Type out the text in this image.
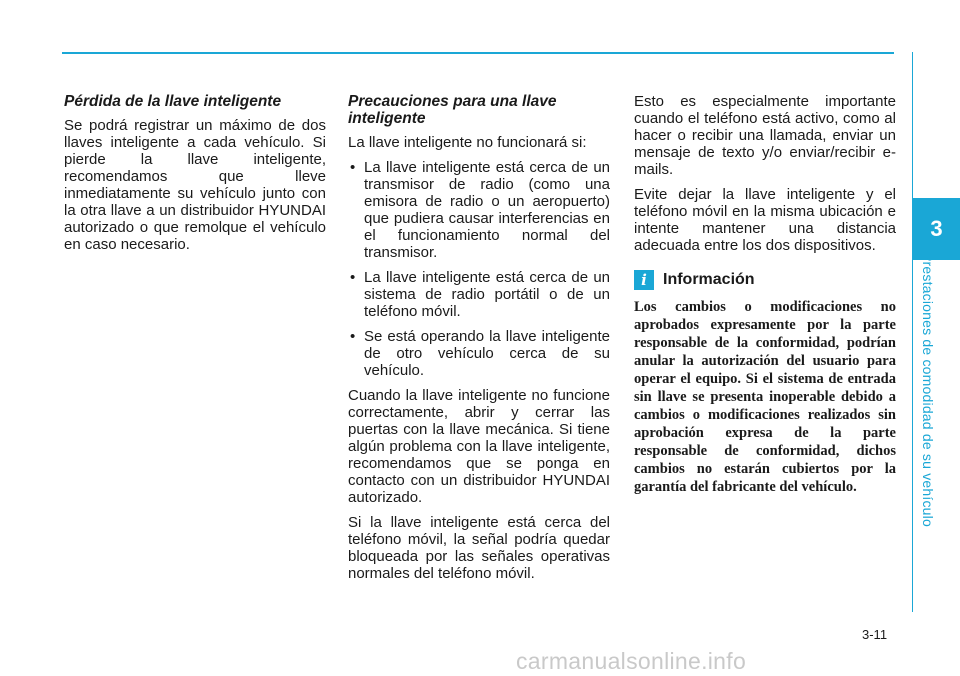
3
Prestaciones de comodidad de su vehículo
Pérdida de la llave inteligente

Se podrá registrar un máximo de dos llaves inteligente a cada vehículo. Si pierde la llave inteligente, recomendamos que lleve inmediatamente su vehículo junto con la otra llave a un distribuidor HYUNDAI autorizado o que remolque el vehículo en caso necesario.

Precauciones para una llave inteligente

La llave inteligente no funcionará si:

• La llave inteligente está cerca de un transmisor de radio (como una emisora de radio o un aeropuerto) que pudiera causar interferencias en el funcionamiento normal del transmisor.
• La llave inteligente está cerca de un sistema de radio portátil o de un teléfono móvil.
• Se está operando la llave inteligente de otro vehículo cerca de su vehículo.

Cuando la llave inteligente no funcione correctamente, abrir y cerrar las puertas con la llave mecánica. Si tiene algún problema con la llave inteligente, recomendamos que se ponga en contacto con un distribuidor HYUNDAI autorizado.

Si la llave inteligente está cerca del teléfono móvil, la señal podría quedar bloqueada por las señales operativas normales del teléfono móvil.

Esto es especialmente importante cuando el teléfono está activo, como al hacer o recibir una llamada, enviar un mensaje de texto y/o enviar/recibir e-mails.

Evite dejar la llave inteligente y el teléfono móvil en la misma ubicación e intente mantener una distancia adecuada entre los dos dispositivos.

i	Información

Los cambios o modificaciones no aprobados expresamente por la parte responsable de la conformidad, podrían anular la autorización del usuario para operar el equipo. Si el sistema de entrada sin llave se presenta inoperable debido a cambios o modificaciones realizados sin aprobación expresa de la parte responsable de conformidad, dichos cambios no estarán cubiertos por la garantía del fabricante del vehículo.

3-11
carmanualsonline.info
